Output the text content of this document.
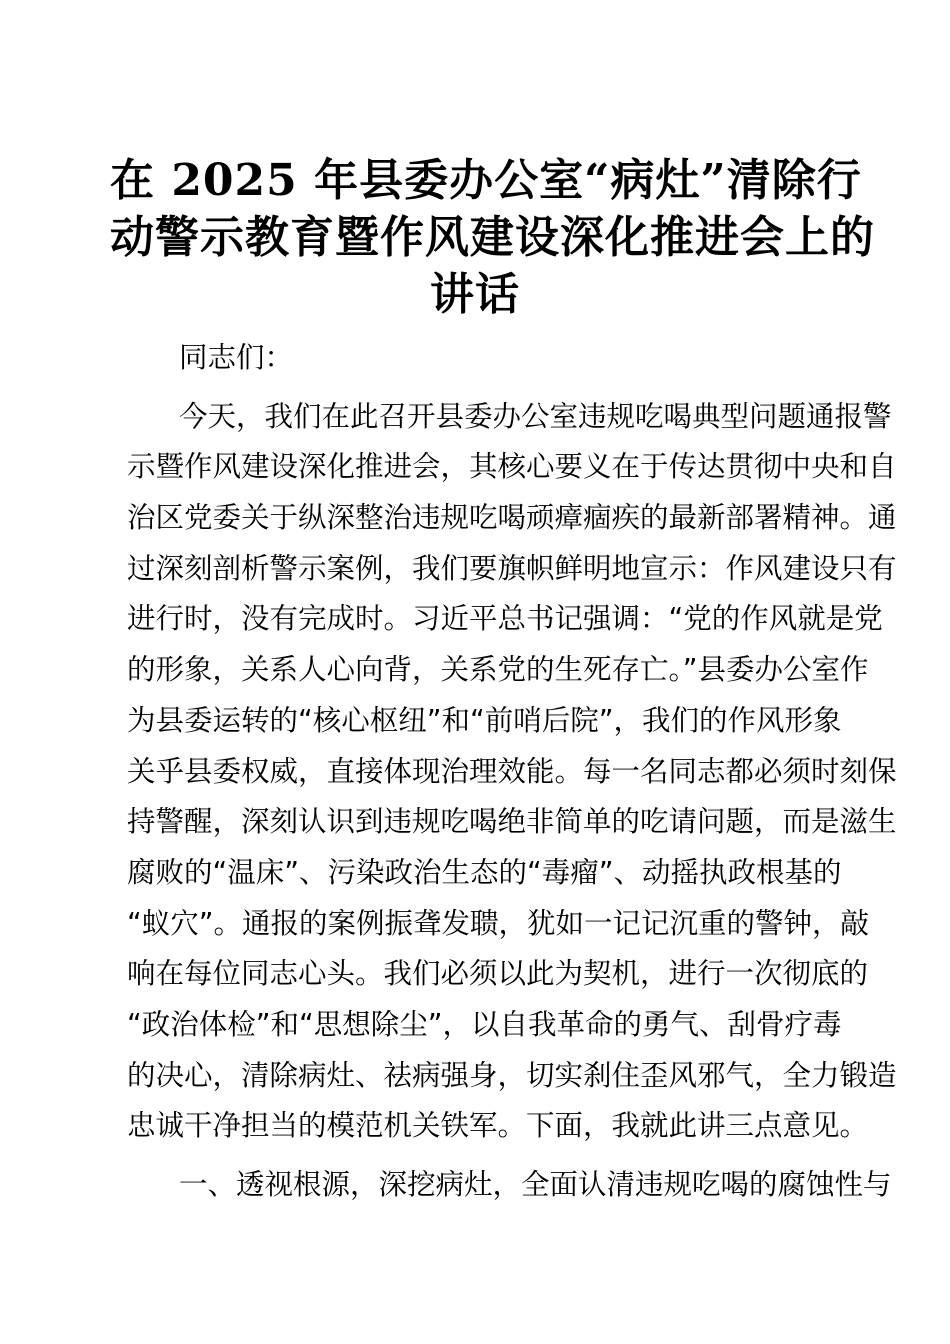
在 2025 年县委办公室“病灶”清除行
动警示教育暨作风建设深化推进会上的
讲话
同志们：
今天，我们在此召开县委办公室违规吃喝典型问题通报警
示暨作风建设深化推进会，其核心要义在于传达贯彻中央和自
治区党委关于纵深整治违规吃喝顽瘴痼疾的最新部署精神。通
过深刻剖析警示案例，我们要旗帜鲜明地宣示：作风建设只有
进行时，没有完成时。习近平总书记强调：“党的作风就是党
的形象，关系人心向背，关系党的生死存亡。”县委办公室作
为县委运转的“核心枢纽”和“前哨后院”，我们的作风形象
关乎县委权威，直接体现治理效能。每一名同志都必须时刻保
持警醒，深刻认识到违规吃喝绝非简单的吃请问题，而是滋生
腐败的“温床”、污染政治生态的“毒瘤”、动摇执政根基的
“蚁穴”。通报的案例振聋发聩，犹如一记记沉重的警钟，敲
响在每位同志心头。我们必须以此为契机，进行一次彻底的
“政治体检”和“思想除尘”，以自我革命的勇气、刮骨疗毒
的决心，清除病灶、祛病强身，切实刹住歪风邪气，全力锻造
忠诚干净担当的模范机关铁军。下面，我就此讲三点意见。
一、透视根源，深挖病灶，全面认清违规吃喝的腐蚀性与
